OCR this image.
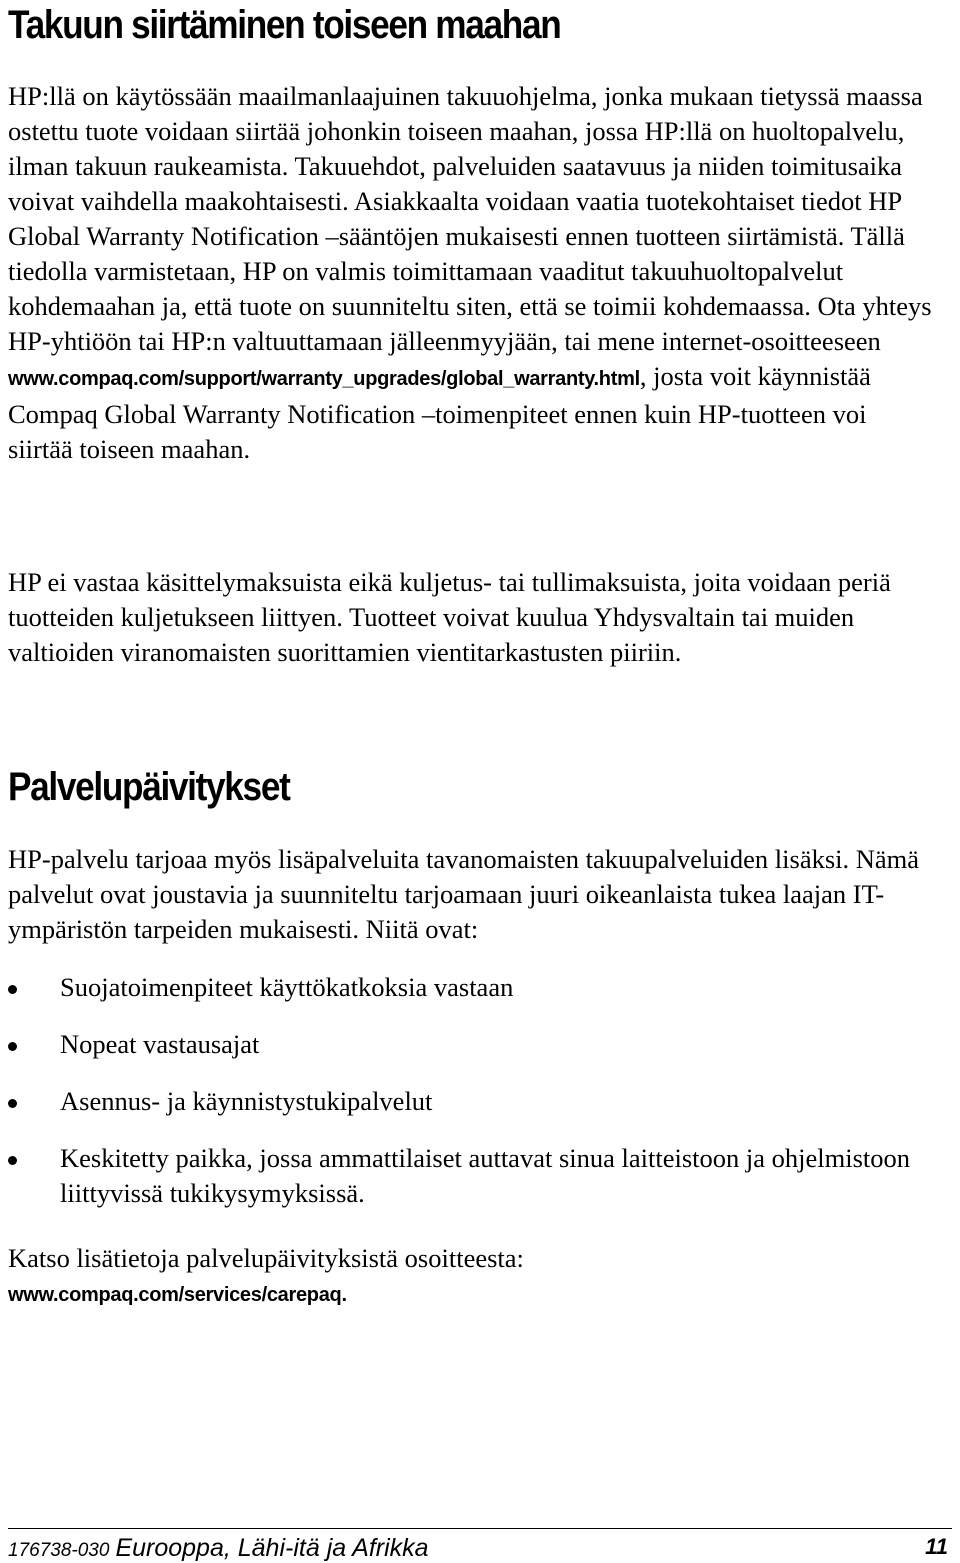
Takuun siirtäminen toiseen maahan

HP:llä on käytössään maailmanlaajuinen takuuohjelma, jonka mukaan tietyssä maassa ostettu tuote voidaan siirtää johonkin toiseen maahan, jossa HP:llä on huoltopalvelu, ilman takuun raukeamista. Takuuehdot, palveluiden saatavuus ja niiden toimitusaika voivat vaihdella maakohtaisesti. Asiakkaalta voidaan vaatia tuotekohtaiset tiedot HP Global Warranty Notification –sääntöjen mukaisesti ennen tuotteen siirtämistä. Tällä tiedolla varmistetaan, HP on valmis toimittamaan vaaditut takuuhuoltopalvelut kohdemaahan ja, että tuote on suunniteltu siten, että se toimii kohdemaassa. Ota yhteys HP-yhtiöön tai HP:n valtuuttamaan jälleenmyyjään, tai mene internet-osoitteeseen www.compaq.com/support/warranty_upgrades/global_warranty.html, josta voit käynnistää Compaq Global Warranty Notification –toimenpiteet ennen kuin HP-tuotteen voi siirtää toiseen maahan.

HP ei vastaa käsittelymaksuista eikä kuljetus- tai tullimaksuista, joita voidaan periä tuotteiden kuljetukseen liittyen. Tuotteet voivat kuulua Yhdysvaltain tai muiden valtioiden viranomaisten suorittamien vientitarkastusten piiriin.

Palvelupäivitykset

HP-palvelu tarjoaa myös lisäpalveluita tavanomaisten takuupalveluiden lisäksi. Nämä palvelut ovat joustavia ja suunniteltu tarjoamaan juuri oikeanlaista tukea laajan IT-ympäristön tarpeiden mukaisesti. Niitä ovat:

Suojatoimenpiteet käyttökatkoksia vastaan
Nopeat vastausajat
Asennus- ja käynnistystukipalvelut
Keskitetty paikka, jossa ammattilaiset auttavat sinua laitteistoon ja ohjelmistoon liittyvissä tukikysymyksissä.

Katso lisätietoja palvelupäivityksistä osoitteesta:
www.compaq.com/services/carepaq.

176738-030 Eurooppa, Lähi-itä ja Afrikka	11
